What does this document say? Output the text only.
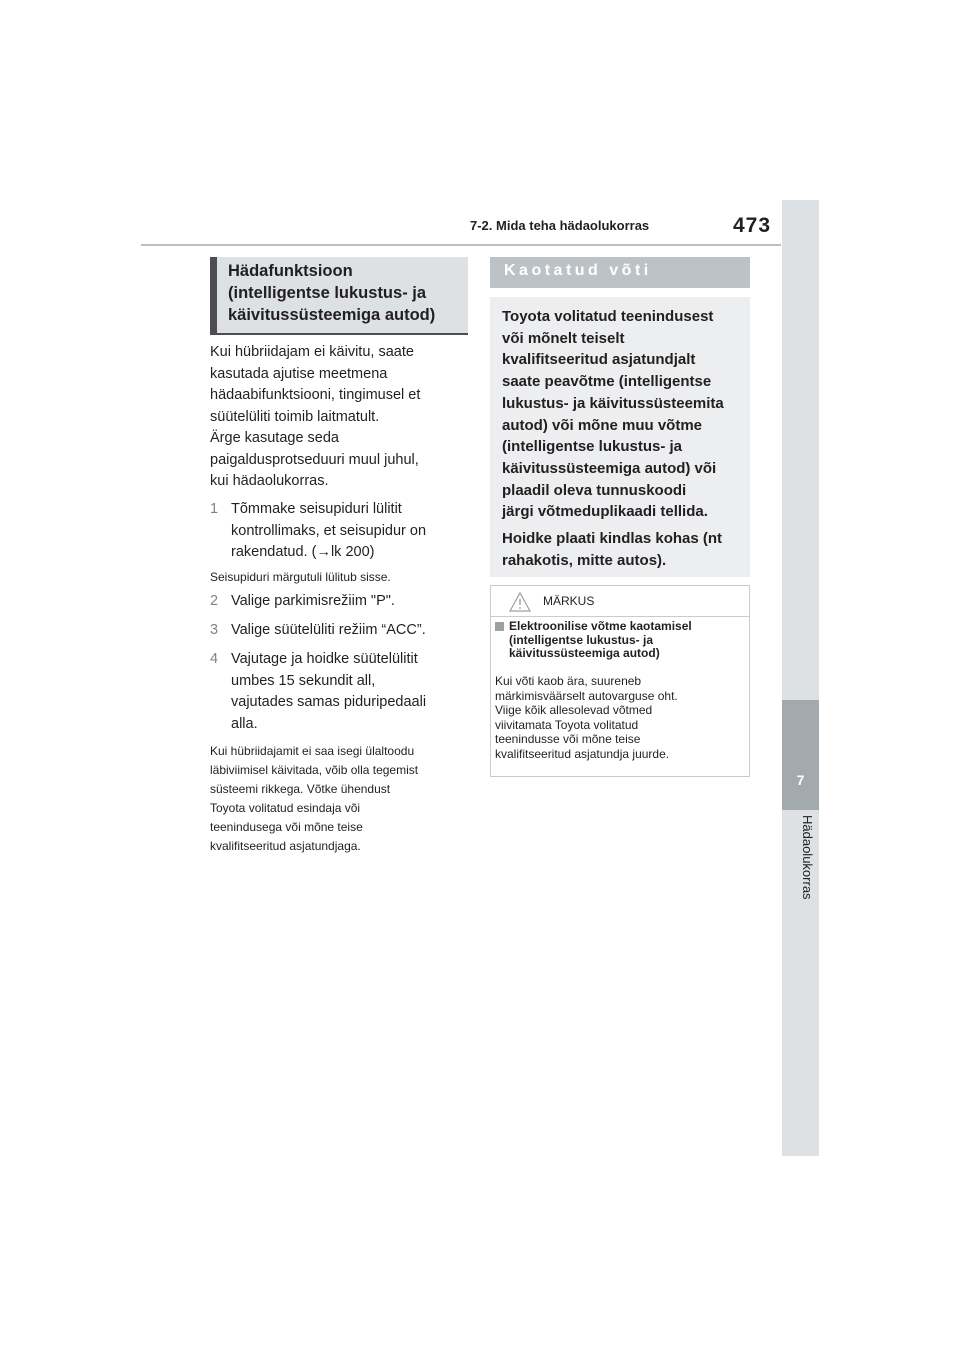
7-2. Mida teha hädaolukorras	473
7
Hädaolukorras
Hädafunktsioon
(intelligentse lukustus- ja
käivitussüsteemiga autod)
Kui hübriidajam ei käivitu, saate
kasutada ajutise meetmena
hädaabifunktsiooni, tingimusel et
süütelüliti toimib laitmatult.
Ärge kasutage seda
paigaldusprotseduuri muul juhul,
kui hädaolukorras.
1 Tõmmake seisupiduri lülitit
kontrollimaks, et seisupidur on
rakendatud. (→lk 200)
Seisupiduri märgutuli lülitub sisse.
2 Valige parkimisrežiim "P".
3 Valige süütelüliti režiim “ACC”.
4 Vajutage ja hoidke süütelülitit
umbes 15 sekundit all,
vajutades samas piduripedaali
alla.
Kui hübriidajamit ei saa isegi ülaltoodu
läbiviimisel käivitada, võib olla tegemist
süsteemi rikkega. Võtke ühendust
Toyota volitatud esindaja või
teenindusega või mõne teise
kvalifitseeritud asjatundjaga.
Kaotatud võti

Toyota volitatud teenindusest
või mõnelt teiselt
kvalifitseeritud asjatundjalt
saate peavõtme (intelligentse
lukustus- ja käivitussüsteemita
autod) või mõne muu võtme
(intelligentse lukustus- ja
käivitussüsteemiga autod) või
plaadil oleva tunnuskoodi
järgi võtmeduplikaadi tellida.

Hoidke plaati kindlas kohas (nt
rahakotis, mitte autos).

MÄRKUS
Elektroonilise võtme kaotamisel
(intelligentse lukustus- ja
käivitussüsteemiga autod)
Kui võti kaob ära, suureneb
märkimisväärselt autovarguse oht.
Viige kõik allesolevad võtmed
viivitamata Toyota volitatud
teenindusse või mõne teise
kvalifitseeritud asjatundja juurde.
